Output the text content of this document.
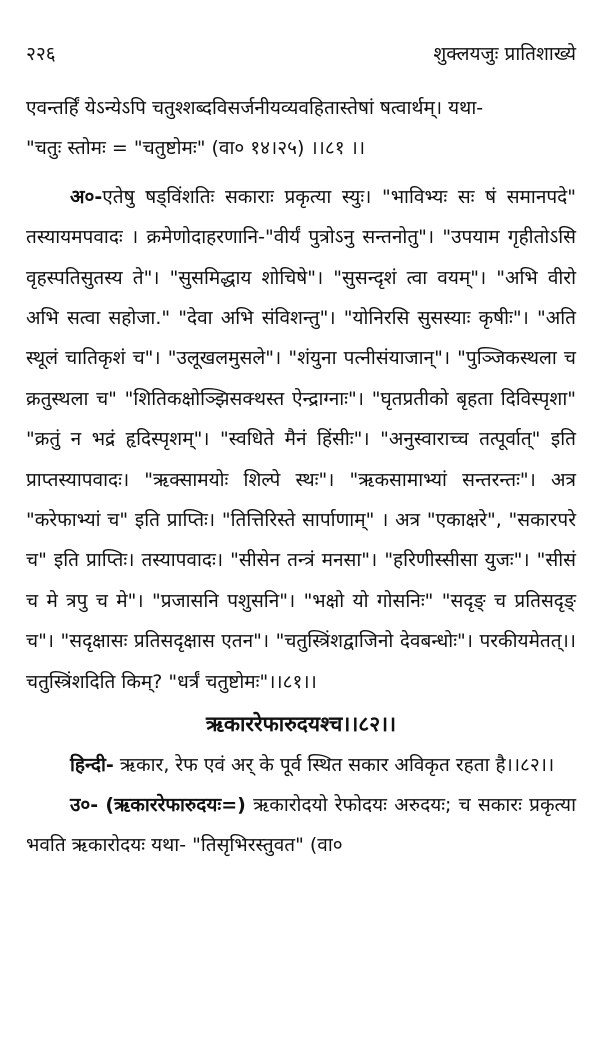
२२६	शुक्लयजुः प्रातिशाख्ये

एवन्तर्हिं येऽन्येऽपि चतुश्शब्दविसर्जनीयव्यवहितास्तेषां षत्वार्थम्। यथा-

"चतुः स्तोमः = "चतुष्टोमः" (वा० १४।२५) ।।८१ ।।

अ०-एतेषु षड्विंशतिः सकाराः प्रकृत्या स्युः। "भाविभ्यः सः षं समानपदे" तस्यायमपवादः । क्रमेणोदाहरणानि-"वीर्यं पुत्रोऽनु सन्तनोतु"। "उपयाम गृहीतोऽसि वृहस्पतिसुतस्य ते"। "सुसमिद्धाय शोचिषे"। "सुसन्दृशं त्वा वयम्"। "अभि वीरो अभि सत्वा सहोजा." "देवा अभि संविशन्तु"। "योनिरसि सुसस्याः कृषीः"। "अति स्थूलं चातिकृशं च"। "उलूखलमुसले"। "शंयुना पत्नीसंयाजान्"। "पुञ्जिकस्थला च क्रतुस्थला च" "शितिकक्षोञ्झिसक्थस्त ऐन्द्राग्नाः"। "घृतप्रतीको बृहता दिविस्पृशा" "क्रतुं न भद्रं हृदिस्पृशम्"। "स्वधिते मैनं हिंसीः"। "अनुस्वाराच्च तत्पूर्वात्" इति प्राप्तस्यापवादः। "ऋक्सामयोः शिल्पे स्थः"। "ऋकसामाभ्यां सन्तरन्तः"। अत्र "करेफाभ्यां च" इति प्राप्तिः। "तित्तिरिस्ते सार्पाणाम्" । अत्र "एकाक्षरे", "सकारपरे च" इति प्राप्तिः। तस्यापवादः। "सीसेन तन्त्रं मनसा"। "हरिणीस्सीसा युजः"। "सीसं च मे त्रपु च मे"। "प्रजासनि पशुसनि"। "भक्षो यो गोसनिः" "सदृङ् च प्रतिसदृङ् च"। "सदृक्षासः प्रतिसदृक्षास एतन"। "चतुस्त्रिंशद्वाजिनो देवबन्धोः"। परकीयमेतत्।। चतुस्त्रिंशदिति किम्? "धर्त्रं चतुष्टोमः"।।८१।।

ऋकाररेफारुदयश्च।।८२।।

हिन्दी- ऋकार, रेफ एवं अर् के पूर्व स्थित सकार अविकृत रहता है।।८२।।

उ०- (ऋकाररेफारुदयः=) ऋकारोदयो रेफोदयः अरुदयः; च सकारः प्रकृत्या भवति ऋकारोदयः यथा- "तिसृभिरस्तुवत" (वा०
